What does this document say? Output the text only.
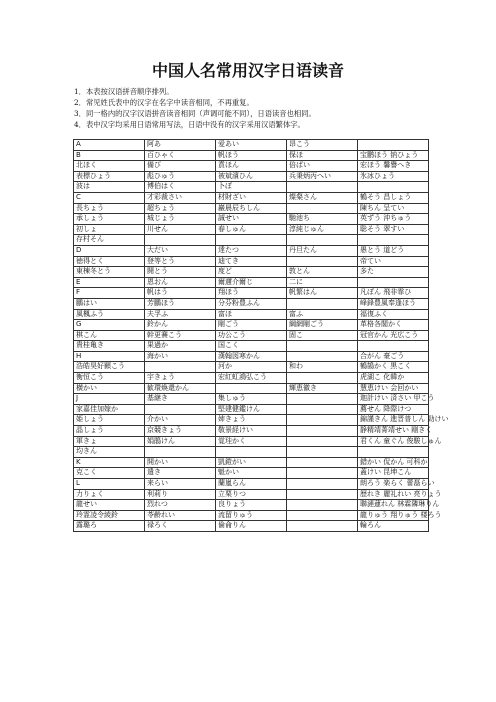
中国人名常用汉字日语读音
1．本表按汉语拼音顺序排列。
2．常见姓氏表中的汉字在名字中读音相同，不再重复。
3．同一格内的汉字汉语拼音读音相同（声调可能不同），日语读音也相同。
4．表中汉字均采用日语常用写法，日语中没有的汉字采用汉语繁体字。
A	阿あ	爱あい	昂こう	
B	百ひゃく	帆ほう	保ほ	宝鹏ほう 钠ひょう
北ほく	備び	賁ほん	倍ばい	宏ほう 馨譽へき
表標ひょう	彪ひゅう	被斌濱ひん	兵秉炳丙へい	氷冰ひょう
波は	博伯はく	卜ぼ		
C	才彩裁さい	材財ざい	燦粲さん	鶴そう 昌しょう
長ちょう	超ちょう	巖晨辰ちしん		陳ちん 呈てい
承しょう	城じょう	誠せい	馳池ち	英ずう 沖ちゅう
初しょ	川せん	春しゅん	淳純じゅん	聡そう 翠すい
存村そん				
D	大だい	達たつ	丹旦たん	愚とう 道どう
徳得とく	登等とう	迪てき		帝てい
東棟冬とう	闘とう	度ど	敦とん	多た
E	恩おん	爾邇介爾じ	二に	
F	帆はう	翔ほう	帆繁はん	凡ぼん 飛非霏ひ
鵬はい	芳鵬ほう	分芬粉豊ふん		峰鋒豊風奉逢ほう
風楓ふう	夫孚ふ	富ほ	富ふ	福復ふく
G	鈴かん	剛ごう	綱網剛ごう	革格各閣かく
棋こん	幹更賽こう	功公こう	固こ	冠官かん 光広こう
貴桂亀き	果過か	国こく		
H	海かい	漢翰図寒かん		合がん 豪ごう
浩皓昊好顥こう		河か	和わ	鶴鵠かく 黒こく
衡恒こう	宇きょう	宏紅虹鴻弘こう		虎湖こ 化韓か
横かい	歓環煥還かん		輝恵徽き	慧恵けい 会回かい
J	基継き	集しゅう		迦計けい 済さい 甲こう
家嘉佳加嫁か		堅建健鑑けん		薦せん 降際けつ
姫しょう	介かい	姉きょう		錦謹きん 進晋普しん 勁けい
晶しょう	京競きょう	敬景経けい		静精靖菁靖せい 剛きく
軍きょ	娟鵑けん	覚珪かく		君くん 童ぐん 俊駿しゅん
均きん				
K	開かい	凱鎧がい		錯かい 侃かん 可科か
克こく	遣き	魁かい		蓋けい 昆坤こん
L	来らい	蘭嵐らん		朗ろう 楽らく 蕾磊らい
力りょく	利莉り	立栗りつ		歴れき 麗礼れい 亮りょう
龍せい	烈れつ	良りょう		聯漣蓮れん 林霖隣琳りん
玲霊凌令綾鈴	苓齢れい	流留りゅう		龍りゅう 翔りゅう 楼ろう
露璐ろ	禄ろく	倫侖りん		輪ろん
